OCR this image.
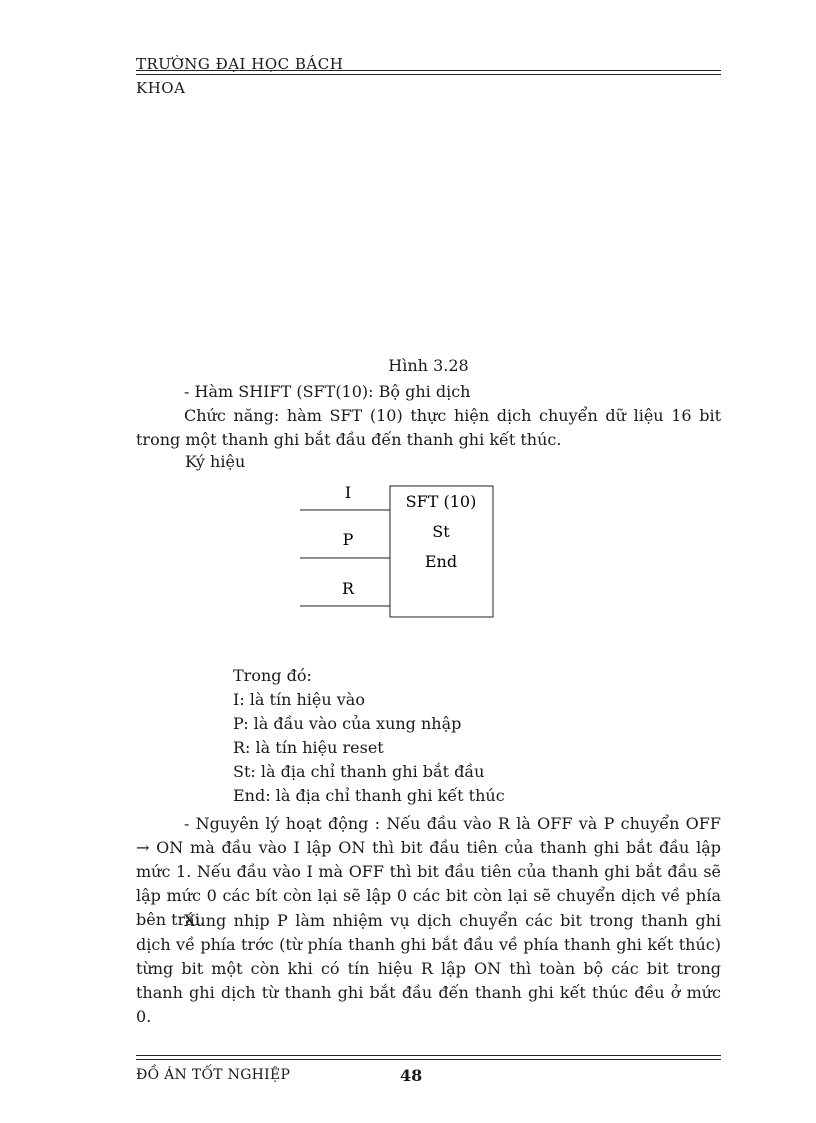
TRƯỜNG ĐẠI HỌC BÁCH KHOA
Hình 3.28
- Hàm SHIFT (SFT(10): Bộ ghi dịch
Chức năng: hàm SFT (10) thực hiện dịch chuyển dữ liệu 16 bit trong một thanh ghi bắt đầu đến thanh ghi kết thúc.
Ký hiệu
I
P
R
SFT (10)
St
End
Trong đó:
I: là tín hiệu vào
P: là đầu vào của xung nhập
R: là tín hiệu reset
St: là địa chỉ thanh ghi bắt đầu
End: là địa chỉ thanh ghi kết thúc
- Nguyên lý hoạt động : Nếu đầu vào R là OFF và P chuyển OFF → ON mà đầu vào I lập ON thì bit đầu tiên của thanh ghi bắt đầu lập mức 1. Nếu đầu vào I mà OFF thì bit đầu tiên của thanh ghi bắt đầu sẽ lập mức 0 các bít còn lại sẽ lập 0 các bit còn lại sẽ chuyển dịch về phía bên trái.
Xung nhịp P làm nhiệm vụ dịch chuyển các bit trong thanh ghi dịch về phía trớc (từ phía thanh ghi bắt đầu về phía thanh ghi kết thúc) từng bit một còn khi có tín hiệu R lập ON thì toàn bộ các bit trong thanh ghi dịch từ thanh ghi bắt đầu đến thanh ghi kết thúc đều ở mức 0.
ĐỒ ÁN TỐT NGHIỆP	48
